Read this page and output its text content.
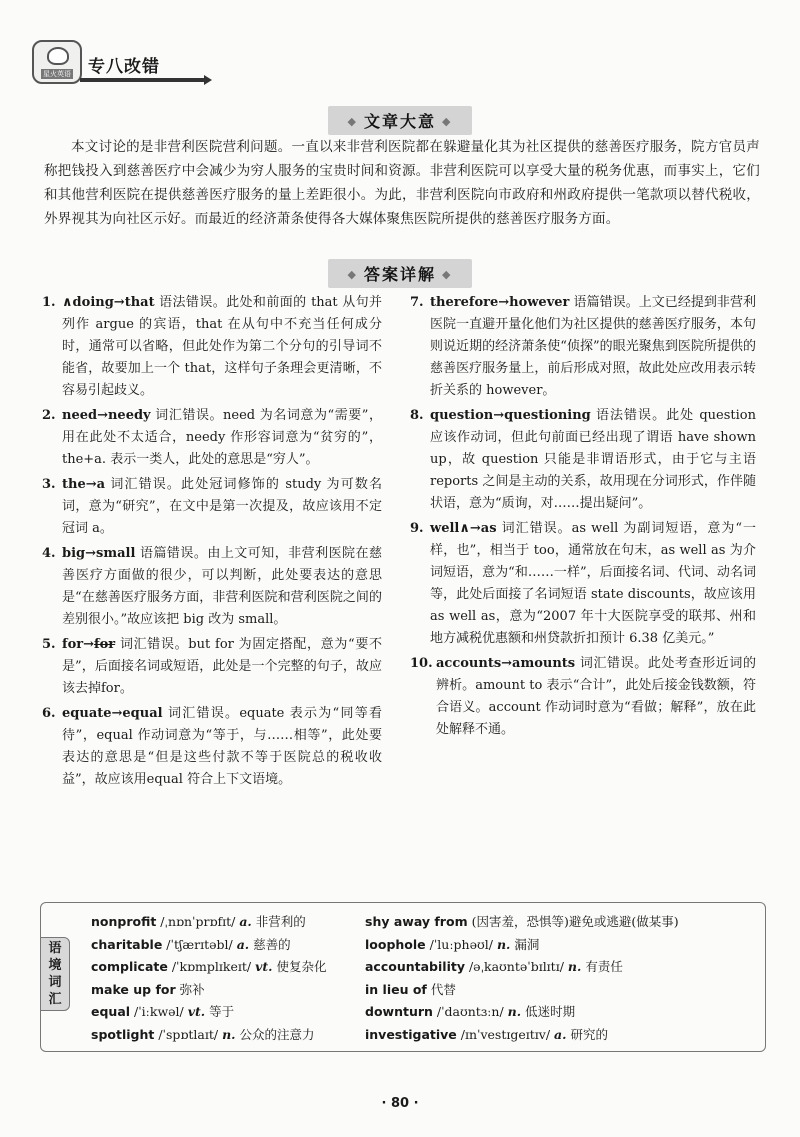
星火英语 专八改错
◆ 文章大意 ◆
本文讨论的是非营利医院营利问题。一直以来非营利医院都在躲避量化其为社区提供的慈善医疗服务，院方官员声称把钱投入到慈善医疗中会减少为穷人服务的宝贵时间和资源。非营利医院可以享受大量的税务优惠，而事实上，它们和其他营利医院在提供慈善医疗服务的量上差距很小。为此，非营利医院向市政府和州政府提供一笔款项以替代税收，外界视其为向社区示好。而最近的经济萧条使得各大媒体聚焦医院所提供的慈善医疗服务方面。
◆ 答案详解 ◆
1. ∧doing→that 语法错误。此处和前面的 that 从句并列作 argue 的宾语，that 在从句中不充当任何成分时，通常可以省略，但此处作为第二个分句的引导词不能省，故要加上一个 that，这样句子条理会更清晰，不容易引起歧义。
2. need→needy 词汇错误。need 为名词意为“需要”，用在此处不太适合，needy 作形容词意为“贫穷的”，the+a. 表示一类人，此处的意思是“穷人”。
3. the→a 词汇错误。此处冠词修饰的 study 为可数名词，意为“研究”，在文中是第一次提及，故应该用不定冠词 a。
4. big→small 语篇错误。由上文可知，非营利医院在慈善医疗方面做的很少，可以判断，此处要表达的意思是“在慈善医疗服务方面，非营利医院和营利医院之间的差别很小。”故应该把 big 改为 small。
5. for→for 词汇错误。but for 为固定搭配，意为“要不是”，后面接名词或短语，此处是一个完整的句子，故应该去掉for。
6. equate→equal 词汇错误。equate 表示为“同等看待”，equal 作动词意为“等于，与……相等”，此处要表达的意思是“但是这些付款不等于医院总的税收收益”，故应该用equal 符合上下文语境。
7. therefore→however 语篇错误。上文已经提到非营利医院一直避开量化他们为社区提供的慈善医疗服务，本句则说近期的经济萧条使“侦探”的眼光聚焦到医院所提供的慈善医疗服务量上，前后形成对照，故此处应改用表示转折关系的 however。
8. question→questioning 语法错误。此处 question 应该作动词，但此句前面已经出现了谓语 have shown up，故 question 只能是非谓语形式，由于它与主语 reports 之间是主动的关系，故用现在分词形式，作伴随状语，意为“质询，对……提出疑问”。
9. well∧→as 词汇错误。as well 为副词短语，意为“一样，也”，相当于 too，通常放在句末，as well as 为介词短语，意为“和……一样”，后面接名词、代词、动名词等，此处后面接了名词短语 state discounts，故应该用 as well as，意为“2007 年十大医院享受的联邦、州和地方减税优惠额和州贷款折扣预计 6.38 亿美元。”
10. accounts→amounts 词汇错误。此处考查形近词的辨析。amount to 表示“合计”，此处后接金钱数额，符合语义。account 作动词时意为“看做；解释”，放在此处解释不通。
语
境
词
汇
nonprofit /ˌnɒnˈprɒfɪt/ a. 非营利的
charitable /ˈtʃærɪtəbl/ a. 慈善的
complicate /ˈkɒmplɪkeɪt/ vt. 使复杂化
make up for 弥补
equal /ˈiːkwəl/ vt. 等于
spotlight /ˈspɒtlaɪt/ n. 公众的注意力
shy away from (因害羞，恐惧等)避免或逃避(做某事)
loophole /ˈluːphəʊl/ n. 漏洞
accountability /əˌkaʊntəˈbɪlɪtɪ/ n. 有责任
in lieu of 代替
downturn /ˈdaʊntɜːn/ n. 低迷时期
investigative /ɪnˈvestɪgeɪtɪv/ a. 研究的
· 80 ·
